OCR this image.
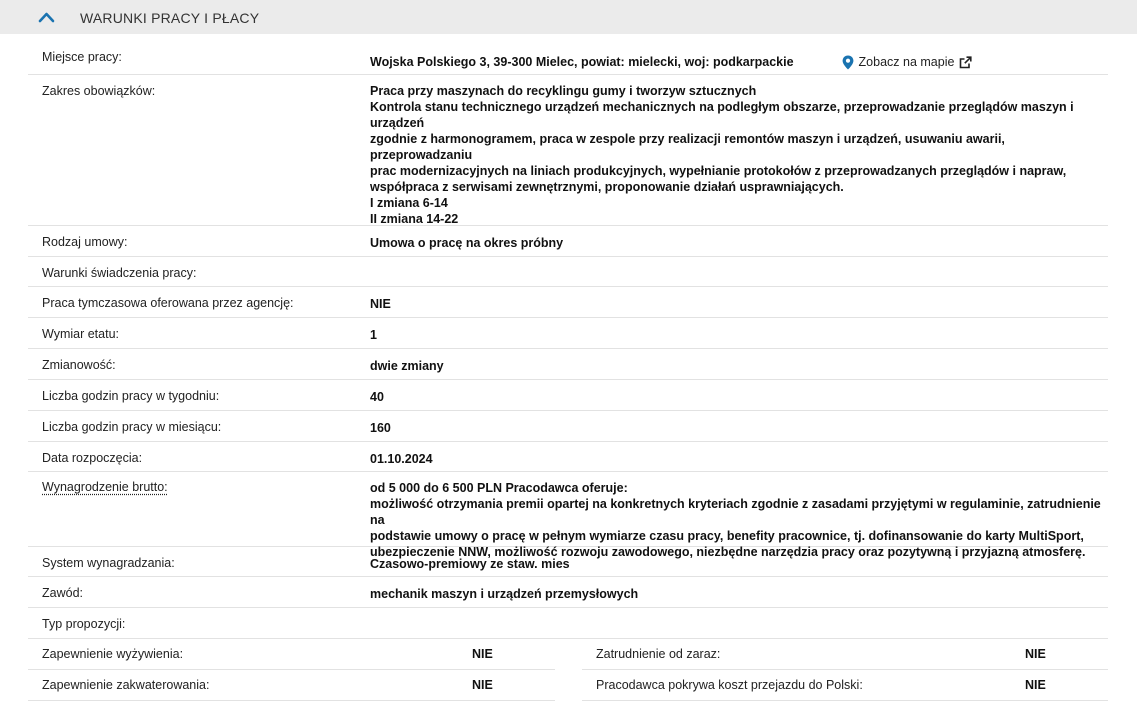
WARUNKI PRACY I PŁACY
Miejsce pracy:	Wojska Polskiego 3, 39-300 Mielec, powiat: mielecki, woj: podkarpackie	Zobacz na mapie
Zakres obowiązków:	Praca przy maszynach do recyklingu gumy i tworzyw sztucznych
Kontrola stanu technicznego urządzeń mechanicznych na podległym obszarze, przeprowadzanie przeglądów maszyn i urządzeń
zgodnie z harmonogramem, praca w zespole przy realizacji remontów maszyn i urządzeń, usuwaniu awarii, przeprowadzaniu
prac modernizacyjnych na liniach produkcyjnych, wypełnianie protokołów z przeprowadzanych przeglądów i napraw,
współpraca z serwisami zewnętrznymi, proponowanie działań usprawniających.
I zmiana 6-14
II zmiana 14-22
Rodzaj umowy:	Umowa o pracę na okres próbny
Warunki świadczenia pracy:
Praca tymczasowa oferowana przez agencję:	NIE
Wymiar etatu:	1
Zmianowość:	dwie zmiany
Liczba godzin pracy w tygodniu:	40
Liczba godzin pracy w miesiącu:	160
Data rozpoczęcia:	01.10.2024
Wynagrodzenie brutto:	od 5 000 do 6 500 PLN Pracodawca oferuje:
możliwość otrzymania premii opartej na konkretnych kryteriach zgodnie z zasadami przyjętymi w regulaminie, zatrudnienie na
podstawie umowy o pracę w pełnym wymiarze czasu pracy, benefity pracownice, tj. dofinansowanie do karty MultiSport,
ubezpieczenie NNW, możliwość rozwoju zawodowego, niezbędne narzędzia pracy oraz pozytywną i przyjazną atmosferę.
System wynagradzania:	Czasowo-premiowy ze staw. mies
Zawód:	mechanik maszyn i urządzeń przemysłowych
Typ propozycji:
Zapewnienie wyżywienia:	NIE	Zatrudnienie od zaraz:	NIE
Zapewnienie zakwaterowania:	NIE	Pracodawca pokrywa koszt przejazdu do Polski:	NIE
